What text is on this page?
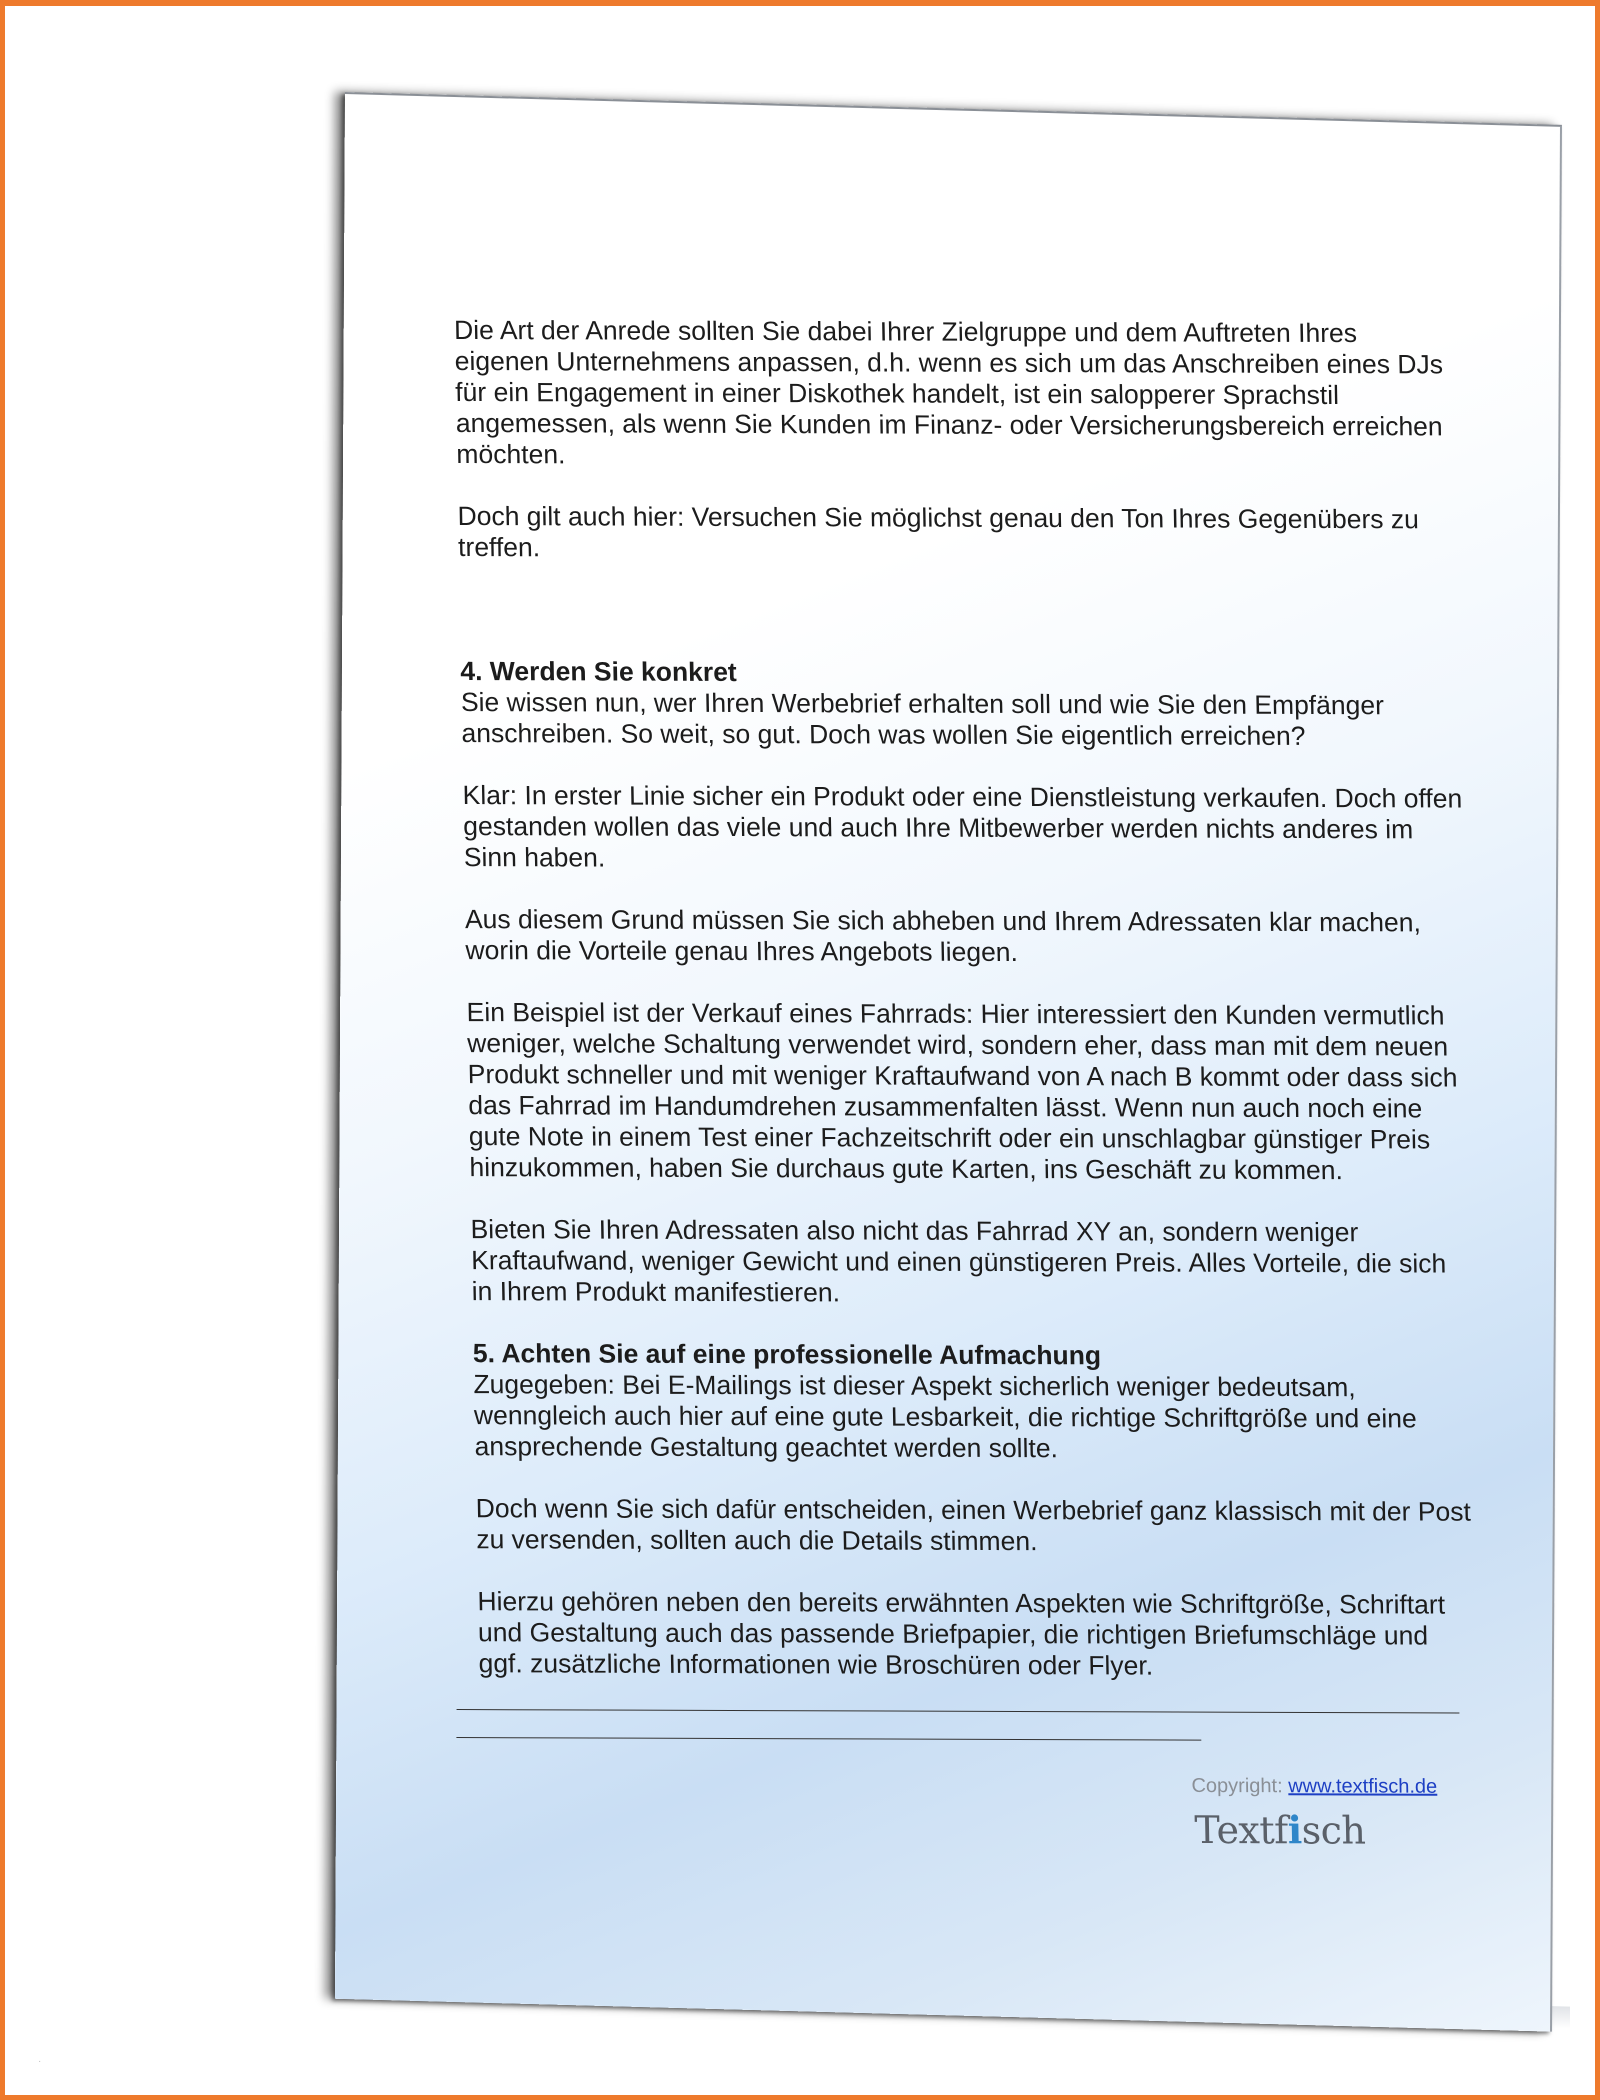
Die Art der Anrede sollten Sie dabei Ihrer Zielgruppe und dem Auftreten Ihres eigenen Unternehmens anpassen, d.h. wenn es sich um das Anschreiben eines DJs für ein Engagement in einer Diskothek handelt, ist ein salopperer Sprachstil angemessen, als wenn Sie Kunden im Finanz- oder Versicherungsbereich erreichen möchten.

Doch gilt auch hier: Versuchen Sie möglichst genau den Ton Ihres Gegenübers zu treffen.

4. Werden Sie konkret

Sie wissen nun, wer Ihren Werbebrief erhalten soll und wie Sie den Empfänger anschreiben. So weit, so gut. Doch was wollen Sie eigentlich erreichen?

Klar: In erster Linie sicher ein Produkt oder eine Dienstleistung verkaufen. Doch offen gestanden wollen das viele und auch Ihre Mitbewerber werden nichts anderes im Sinn haben.

Aus diesem Grund müssen Sie sich abheben und Ihrem Adressaten klar machen, worin die Vorteile genau Ihres Angebots liegen.

Ein Beispiel ist der Verkauf eines Fahrrads: Hier interessiert den Kunden vermutlich weniger, welche Schaltung verwendet wird, sondern eher, dass man mit dem neuen Produkt schneller und mit weniger Kraftaufwand von A nach B kommt oder dass sich das Fahrrad im Handumdrehen zusammenfalten lässt. Wenn nun auch noch eine gute Note in einem Test einer Fachzeitschrift oder ein unschlagbar günstiger Preis hinzukommen, haben Sie durchaus gute Karten, ins Geschäft zu kommen.

Bieten Sie Ihren Adressaten also nicht das Fahrrad XY an, sondern weniger Kraftaufwand, weniger Gewicht und einen günstigeren Preis. Alles Vorteile, die sich in Ihrem Produkt manifestieren.

5. Achten Sie auf eine professionelle Aufmachung

Zugegeben: Bei E-Mailings ist dieser Aspekt sicherlich weniger bedeutsam, wenngleich auch hier auf eine gute Lesbarkeit, die richtige Schriftgröße und eine ansprechende Gestaltung geachtet werden sollte.

Doch wenn Sie sich dafür entscheiden, einen Werbebrief ganz klassisch mit der Post zu versenden, sollten auch die Details stimmen.

Hierzu gehören neben den bereits erwähnten Aspekten wie Schriftgröße, Schriftart und Gestaltung auch das passende Briefpapier, die richtigen Briefumschläge und ggf. zusätzliche Informationen wie Broschüren oder Flyer.

Copyright: www.textfisch.de
Textfisch
·
